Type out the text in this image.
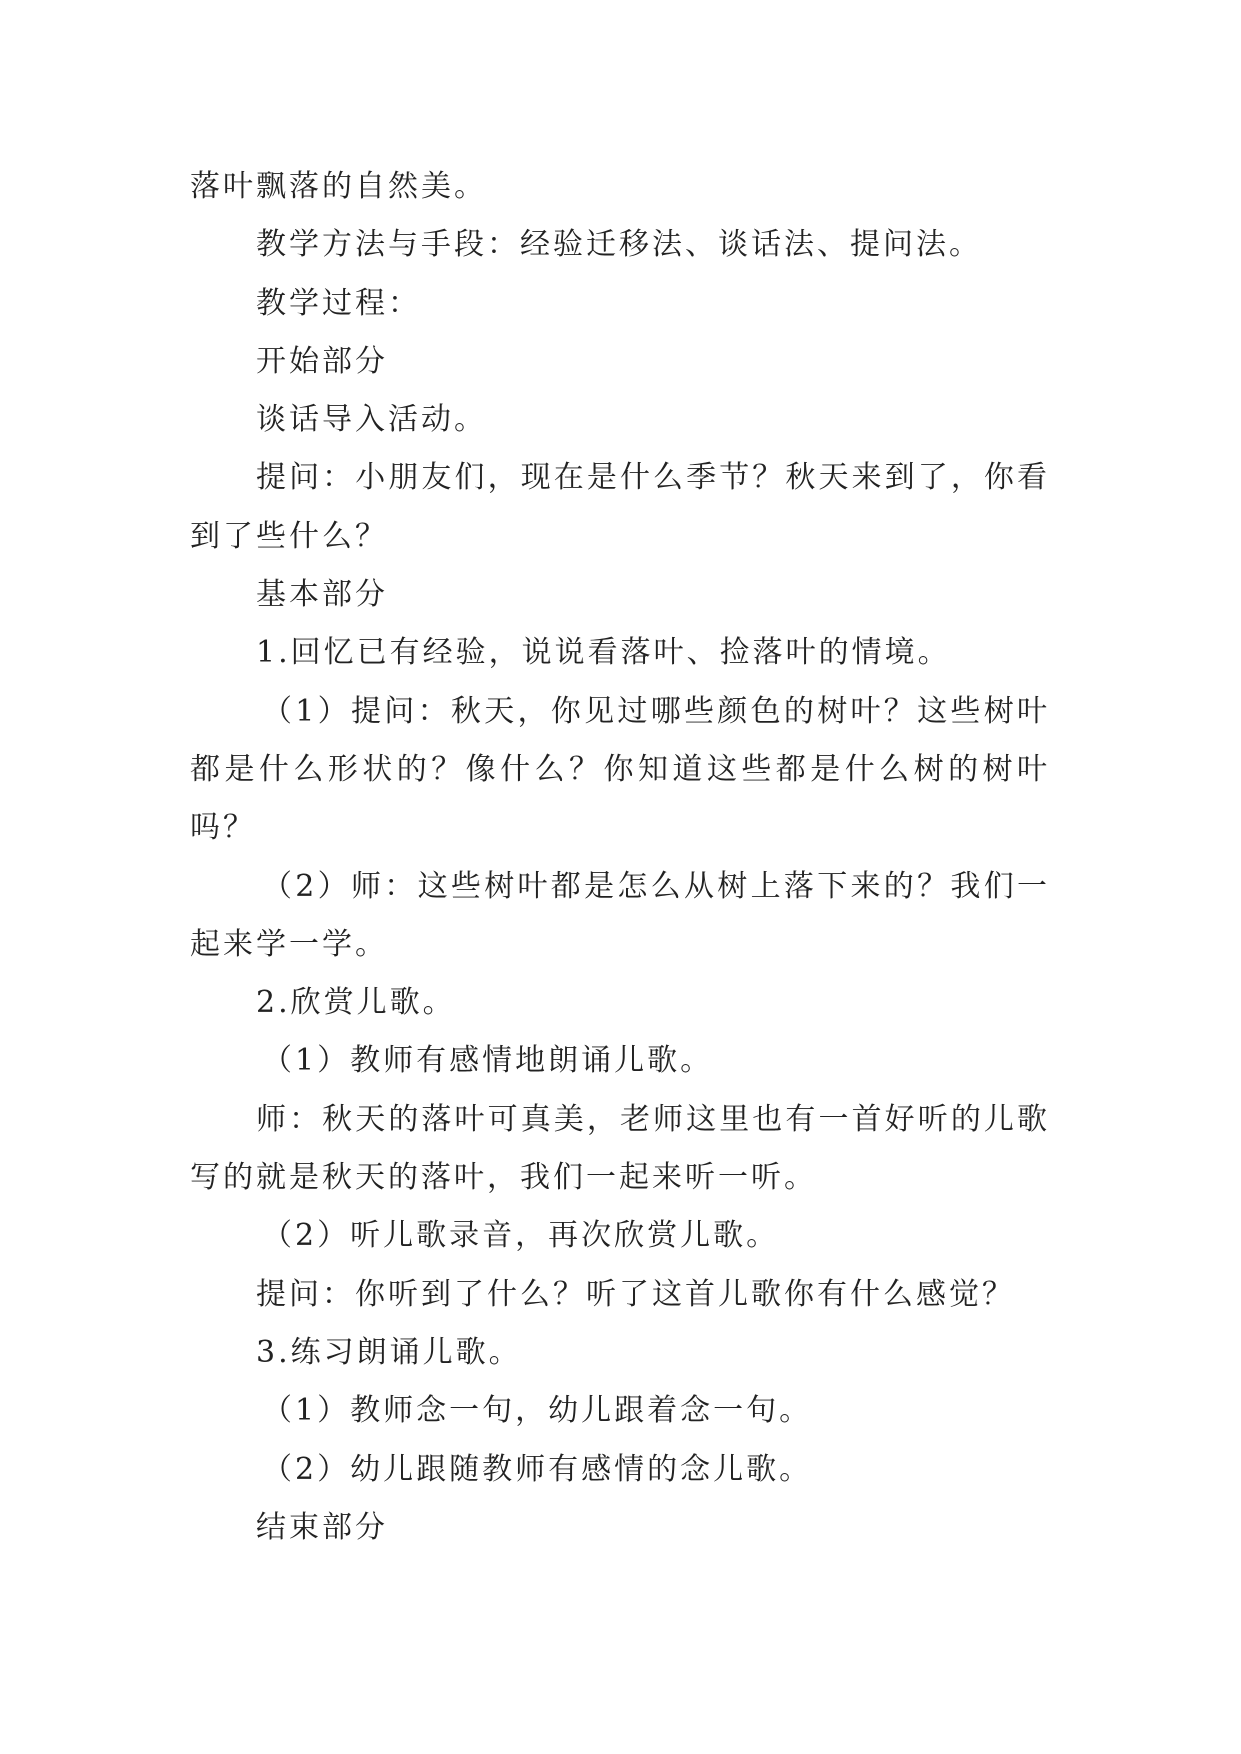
落叶飘落的自然美。

教学方法与手段：经验迁移法、谈话法、提问法。

教学过程：

开始部分

谈话导入活动。

提问：小朋友们，现在是什么季节？秋天来到了，你看到了些什么？

基本部分

1.回忆已有经验，说说看落叶、捡落叶的情境。

（1）提问：秋天，你见过哪些颜色的树叶？这些树叶都是什么形状的？像什么？你知道这些都是什么树的树叶吗？

（2）师：这些树叶都是怎么从树上落下来的？我们一起来学一学。

2.欣赏儿歌。

（1）教师有感情地朗诵儿歌。

师：秋天的落叶可真美，老师这里也有一首好听的儿歌写的就是秋天的落叶，我们一起来听一听。

（2）听儿歌录音，再次欣赏儿歌。

提问：你听到了什么？听了这首儿歌你有什么感觉？

3.练习朗诵儿歌。

（1）教师念一句，幼儿跟着念一句。

（2）幼儿跟随教师有感情的念儿歌。

结束部分
